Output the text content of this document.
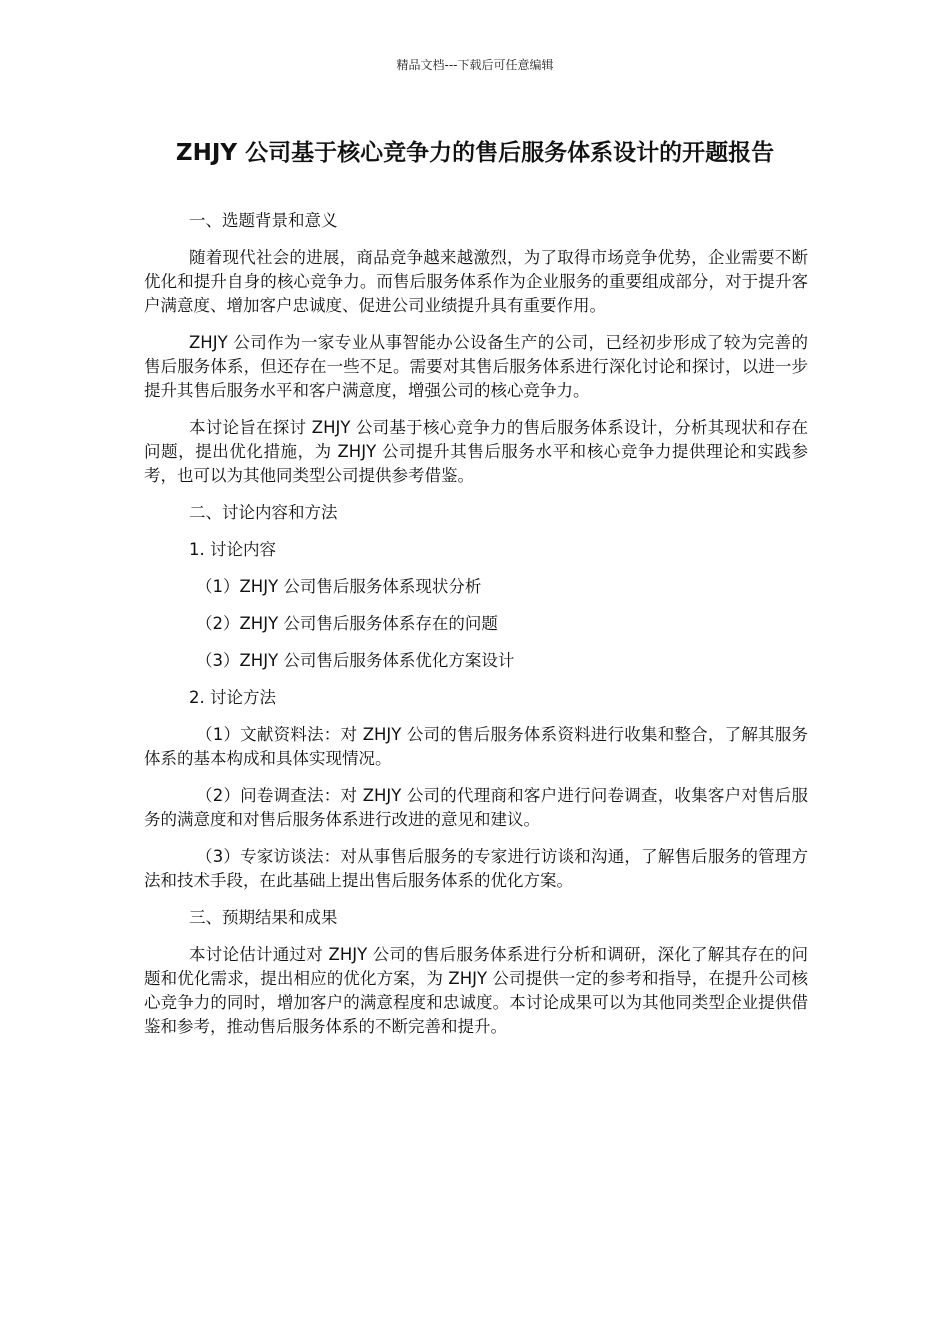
精品文档---下载后可任意编辑
ZHJY 公司基于核心竞争力的售后服务体系设计的开题报告

一、选题背景和意义

随着现代社会的进展，商品竞争越来越激烈，为了取得市场竞争优势，企业需要不断优化和提升自身的核心竞争力。而售后服务体系作为企业服务的重要组成部分，对于提升客户满意度、增加客户忠诚度、促进公司业绩提升具有重要作用。

ZHJY 公司作为一家专业从事智能办公设备生产的公司，已经初步形成了较为完善的售后服务体系，但还存在一些不足。需要对其售后服务体系进行深化讨论和探讨，以进一步提升其售后服务水平和客户满意度，增强公司的核心竞争力。

本讨论旨在探讨 ZHJY 公司基于核心竞争力的售后服务体系设计，分析其现状和存在问题，提出优化措施，为 ZHJY 公司提升其售后服务水平和核心竞争力提供理论和实践参考，也可以为其他同类型公司提供参考借鉴。

二、讨论内容和方法

1. 讨论内容

（1）ZHJY 公司售后服务体系现状分析

（2）ZHJY 公司售后服务体系存在的问题

（3）ZHJY 公司售后服务体系优化方案设计

2. 讨论方法

（1）文献资料法：对 ZHJY 公司的售后服务体系资料进行收集和整合，了解其服务体系的基本构成和具体实现情况。

（2）问卷调查法：对 ZHJY 公司的代理商和客户进行问卷调查，收集客户对售后服务的满意度和对售后服务体系进行改进的意见和建议。

（3）专家访谈法：对从事售后服务的专家进行访谈和沟通，了解售后服务的管理方法和技术手段，在此基础上提出售后服务体系的优化方案。

三、预期结果和成果

本讨论估计通过对 ZHJY 公司的售后服务体系进行分析和调研，深化了解其存在的问题和优化需求，提出相应的优化方案，为 ZHJY 公司提供一定的参考和指导，在提升公司核心竞争力的同时，增加客户的满意程度和忠诚度。本讨论成果可以为其他同类型企业提供借鉴和参考，推动售后服务体系的不断完善和提升。
